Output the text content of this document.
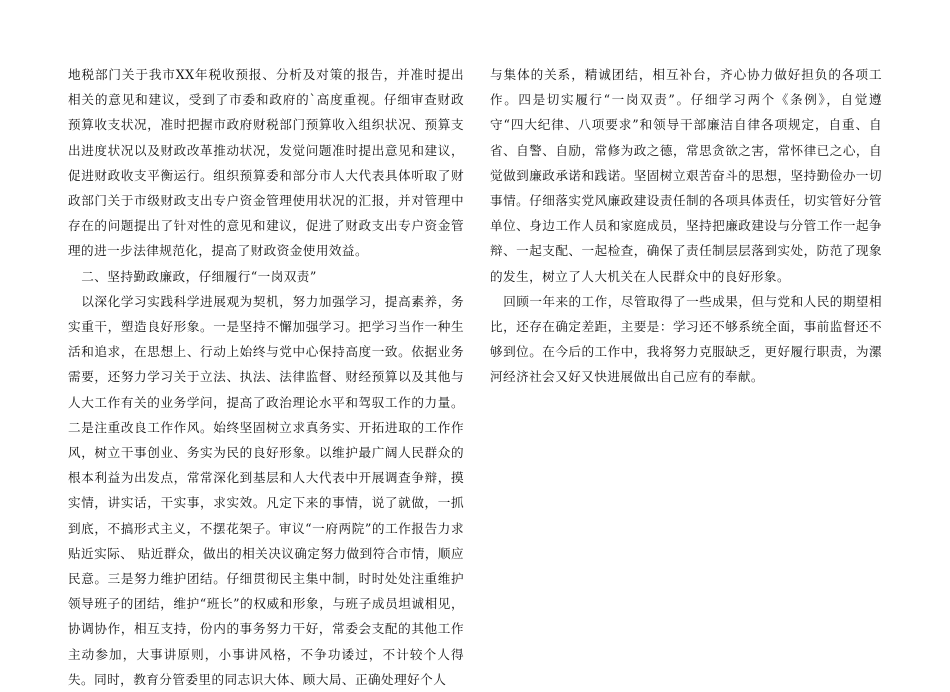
地税部门关于我市XX年税收预报、分析及对策的报告，并准时提出相关的意见和建议，受到了市委和政府的`高度重视。仔细审查财政预算收支状况，准时把握市政府财税部门预算收入组织状况、预算支出进度状况以及财政改革推动状况，发觉问题准时提出意见和建议，促进财政收支平衡运行。组织预算委和部分市人大代表具体听取了财政部门关于市级财政支出专户资金管理使用状况的汇报，并对管理中存在的问题提出了针对性的意见和建议，促进了财政支出专户资金管理的进一步法律规范化，提高了财政资金使用效益。

二、坚持勤政廉政，仔细履行“一岗双责”

以深化学习实践科学进展观为契机，努力加强学习，提高素养，务实重干，塑造良好形象。一是坚持不懈加强学习。把学习当作一种生活和追求，在思想上、行动上始终与党中心保持高度一致。依据业务需要，还努力学习关于立法、执法、法律监督、财经预算以及其他与人大工作有关的业务学问，提高了政治理论水平和驾驭工作的力量。二是注重改良工作作风。始终坚固树立求真务实、开拓进取的工作作风，树立干事创业、务实为民的良好形象。以维护最广阔人民群众的根本利益为出发点，常常深化到基层和人大代表中开展调查争辩，摸实情，讲实话，干实事，求实效。凡定下来的事情，说了就做，一抓到底，不搞形式主义，不摆花架子。审议“一府两院”的工作报告力求贴近实际、 贴近群众，做出的相关决议确定努力做到符合市情，顺应民意。三是努力维护团结。仔细贯彻民主集中制，时时处处注重维护领导班子的团结，维护“班长”的权威和形象，与班子成员坦诚相见，协调协作，相互支持，份内的事务努力干好，常委会支配的其他工作主动参加，大事讲原则，小事讲风格，不争功诿过，不计较个人得失。同时，教育分管委里的同志识大体、顾大局、正确处理好个人

与集体的关系，精诚团结，相互补台，齐心协力做好担负的各项工作。四是切实履行“一岗双责”。仔细学习两个《条例》，自觉遵守“四大纪律、八项要求”和领导干部廉洁自律各项规定，自重、自省、自警、自励，常修为政之德，常思贪欲之害，常怀律已之心，自觉做到廉政承诺和践诺。坚固树立艰苦奋斗的思想，坚持勤俭办一切事情。仔细落实党风廉政建设责任制的各项具体责任，切实管好分管单位、身边工作人员和家庭成员，坚持把廉政建设与分管工作一起争辩、一起支配、一起检查，确保了责任制层层落到实处，防范了现象的发生，树立了人大机关在人民群众中的良好形象。

回顾一年来的工作，尽管取得了一些成果，但与党和人民的期望相比，还存在确定差距，主要是：学习还不够系统全面，事前监督还不够到位。在今后的工作中，我将努力克服缺乏，更好履行职责，为漯河经济社会又好又快进展做出自己应有的奉献。
